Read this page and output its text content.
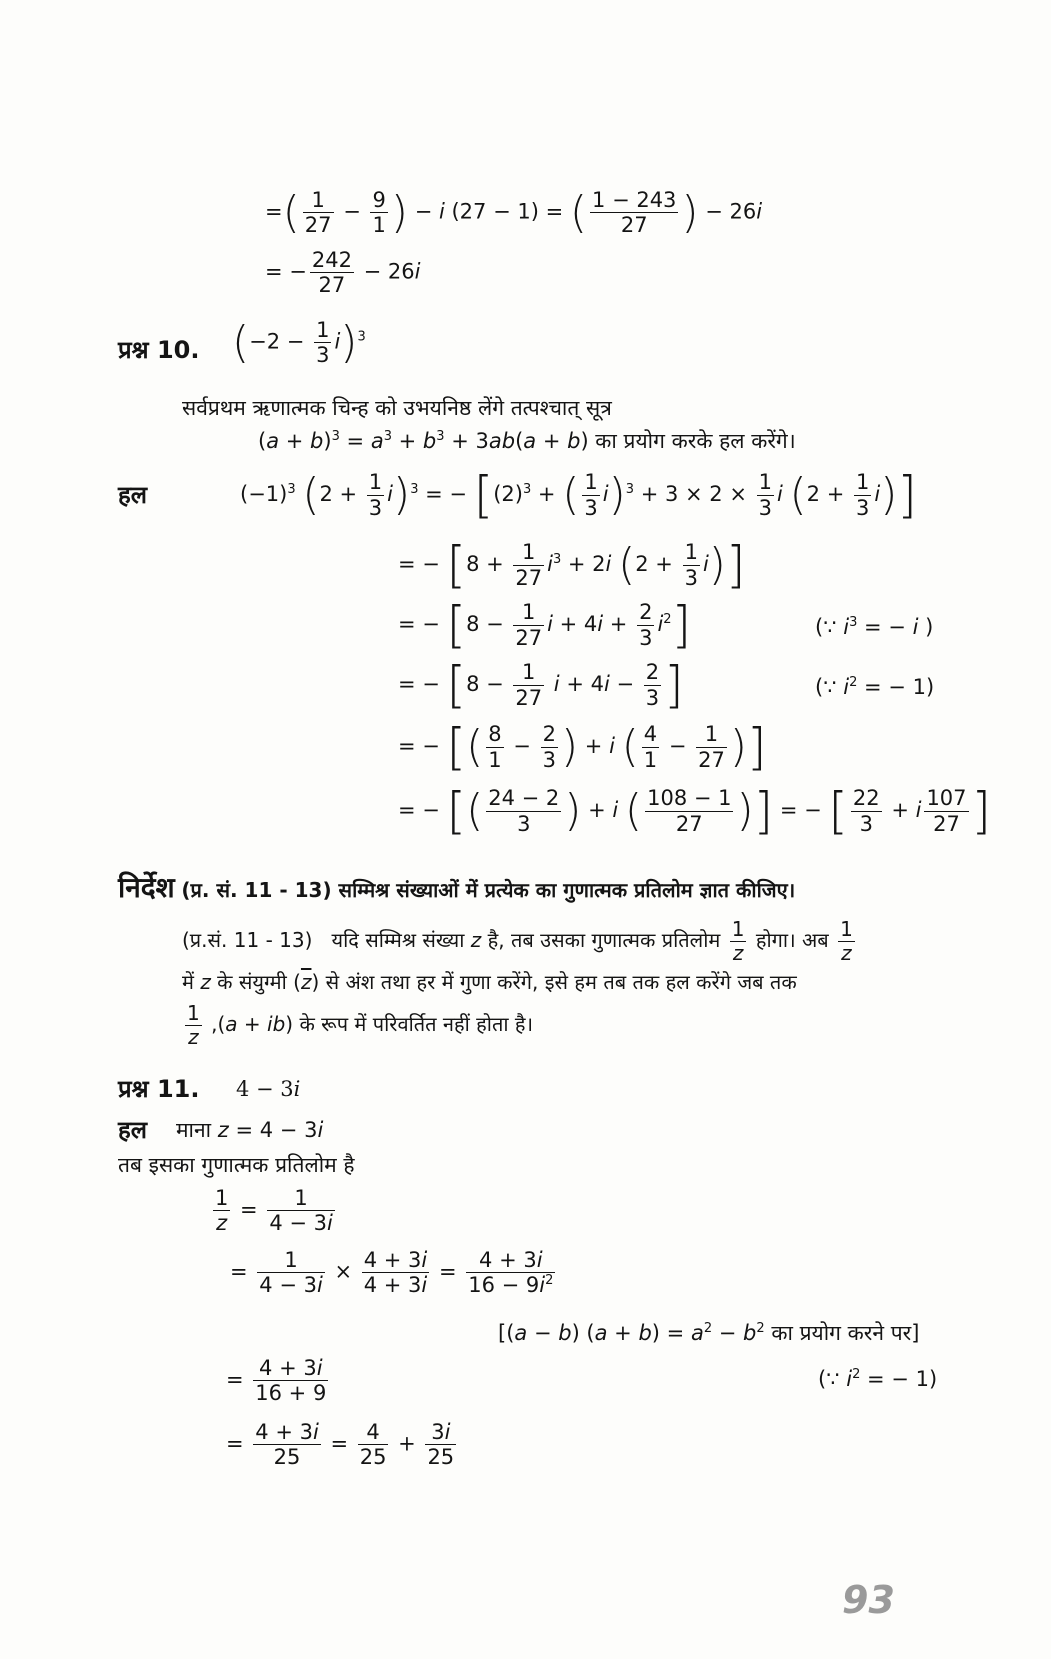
=( $\frac{1}{27} - \frac{9}{1}$ ) − i (27 − 1) = ( $\frac{1 - 243}{27}$ ) − 26i
= − $\frac{242}{27} - 26i$
प्रश्न 10. $(-2 - \frac{1}{3} i)^3$
सर्वप्रथम ऋणात्मक चिन्ह को उभयनिष्ठ लेंगे तत्पश्चात् सूत्र
$(a + b)^3 = a^3 + b^3 + 3ab(a + b)$ का प्रयोग करके हल करेंगे।
हल	$(-1)^3$ $(2 + \frac{1}{3} i)^3$ = − [$(2)^3$ + ( $\frac{1}{3} i)^3 + 3 \times 2 \times \frac{1}{3}$ i $(2 + \frac{1}{3} i)$]
= − [$8 + \frac{1}{27} i^3 + 2i$ $(2 + \frac{1}{3} i)$]
= − [$8 - \frac{1}{27}$ $i + 4i + \frac{2}{3} i^2$]	(∵ $i^3$ = − i )
= − [$8 - \frac{1}{27}$ $i + 4i - \frac{2}{3}$ ]	(∵ $i^2$ = − 1)
= − [( $\frac{8}{1} - \frac{2}{3}$ ) + i ( $\frac{4}{1} - \frac{1}{27}$ )]
= − [( $\frac{24 - 2}{3}$ ) + i ( $\frac{108 - 1}{27}$ )] = − [ $\frac{22}{3} + i \frac{107}{27}$ ]
निर्देश (प्र. सं. 11 - 13) सम्मिश्र संख्याओं में प्रत्येक का गुणात्मक प्रतिलोम ज्ञात कीजिए।
(प्र.सं. 11 - 13)   यदि सम्मिश्र संख्या z है, तब उसका गुणात्मक प्रतिलोम $\frac{1}{z}$ होगा। अब $\frac{1}{z}$
में z के संयुग्मी $(\overline{z})$ से अंश तथा हर में गुणा करेंगे, इसे हम तब तक हल करेंगे जब तक
$\frac{1}{z} ,(a + ib)$ के रूप में परिवर्तित नहीं होता है।
प्रश्न 11. 4 − 3i
हल माना z = 4 − 3i
तब इसका गुणात्मक प्रतिलोम है
$\frac{1}{z} = \frac{1}{4 - 3i}$
= $\frac{1}{4 - 3i} \times \frac{4 + 3i}{4 + 3i} = \frac{4 + 3i}{16 - 9i^2}$
[(a − b) $(a + b) = a^2 - b^2$ का प्रयोग करने पर]
= $\frac{4 + 3i}{16 + 9}$	(∵ $i^2$ = − 1)
= $\frac{4 + 3i}{25} = \frac{4}{25} + \frac{3i}{25}$
93
